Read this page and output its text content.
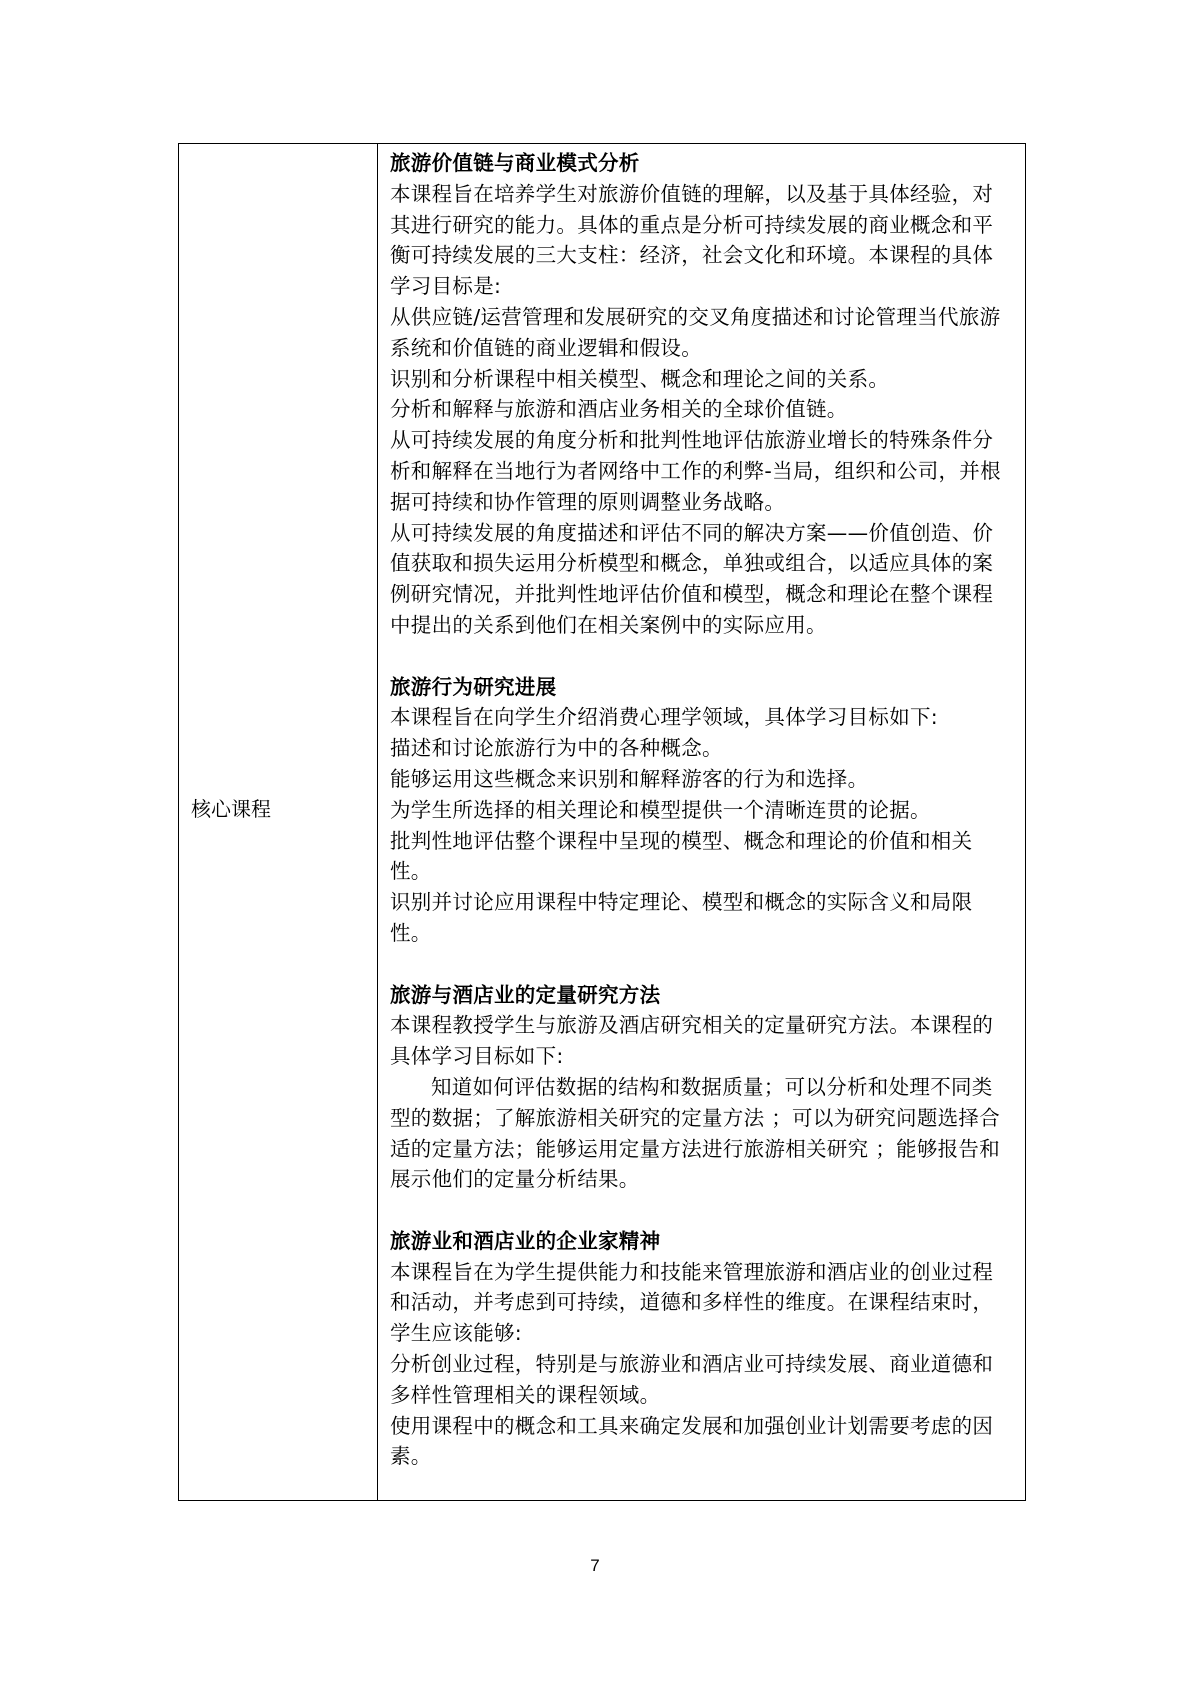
核心课程
旅游价值链与商业模式分析

本课程旨在培养学生对旅游价值链的理解，以及基于具体经验，对其进行研究的能力。具体的重点是分析可持续发展的商业概念和平衡可持续发展的三大支柱：经济，社会文化和环境。本课程的具体学习目标是:

从供应链/运营管理和发展研究的交叉角度描述和讨论管理当代旅游系统和价值链的商业逻辑和假设。

识别和分析课程中相关模型、概念和理论之间的关系。

分析和解释与旅游和酒店业务相关的全球价值链。

从可持续发展的角度分析和批判性地评估旅游业增长的特殊条件分析和解释在当地行为者网络中工作的利弊-当局，组织和公司，并根据可持续和协作管理的原则调整业务战略。

从可持续发展的角度描述和评估不同的解决方案——价值创造、价值获取和损失运用分析模型和概念，单独或组合，以适应具体的案例研究情况，并批判性地评估价值和模型，概念和理论在整个课程中提出的关系到他们在相关案例中的实际应用。

旅游行为研究进展

本课程旨在向学生介绍消费心理学领域，具体学习目标如下:

描述和讨论旅游行为中的各种概念。

能够运用这些概念来识别和解释游客的行为和选择。

为学生所选择的相关理论和模型提供一个清晰连贯的论据。

批判性地评估整个课程中呈现的模型、概念和理论的价值和相关性。

识别并讨论应用课程中特定理论、模型和概念的实际含义和局限性。

旅游与酒店业的定量研究方法

本课程教授学生与旅游及酒店研究相关的定量研究方法。本课程的具体学习目标如下:

知道如何评估数据的结构和数据质量；可以分析和处理不同类型的数据；了解旅游相关研究的定量方法 ；可以为研究问题选择合适的定量方法；能够运用定量方法进行旅游相关研究 ；能够报告和展示他们的定量分析结果。

旅游业和酒店业的企业家精神

本课程旨在为学生提供能力和技能来管理旅游和酒店业的创业过程和活动，并考虑到可持续，道德和多样性的维度。在课程结束时，学生应该能够:

分析创业过程，特别是与旅游业和酒店业可持续发展、商业道德和多样性管理相关的课程领域。

使用课程中的概念和工具来确定发展和加强创业计划需要考虑的因素。

7
